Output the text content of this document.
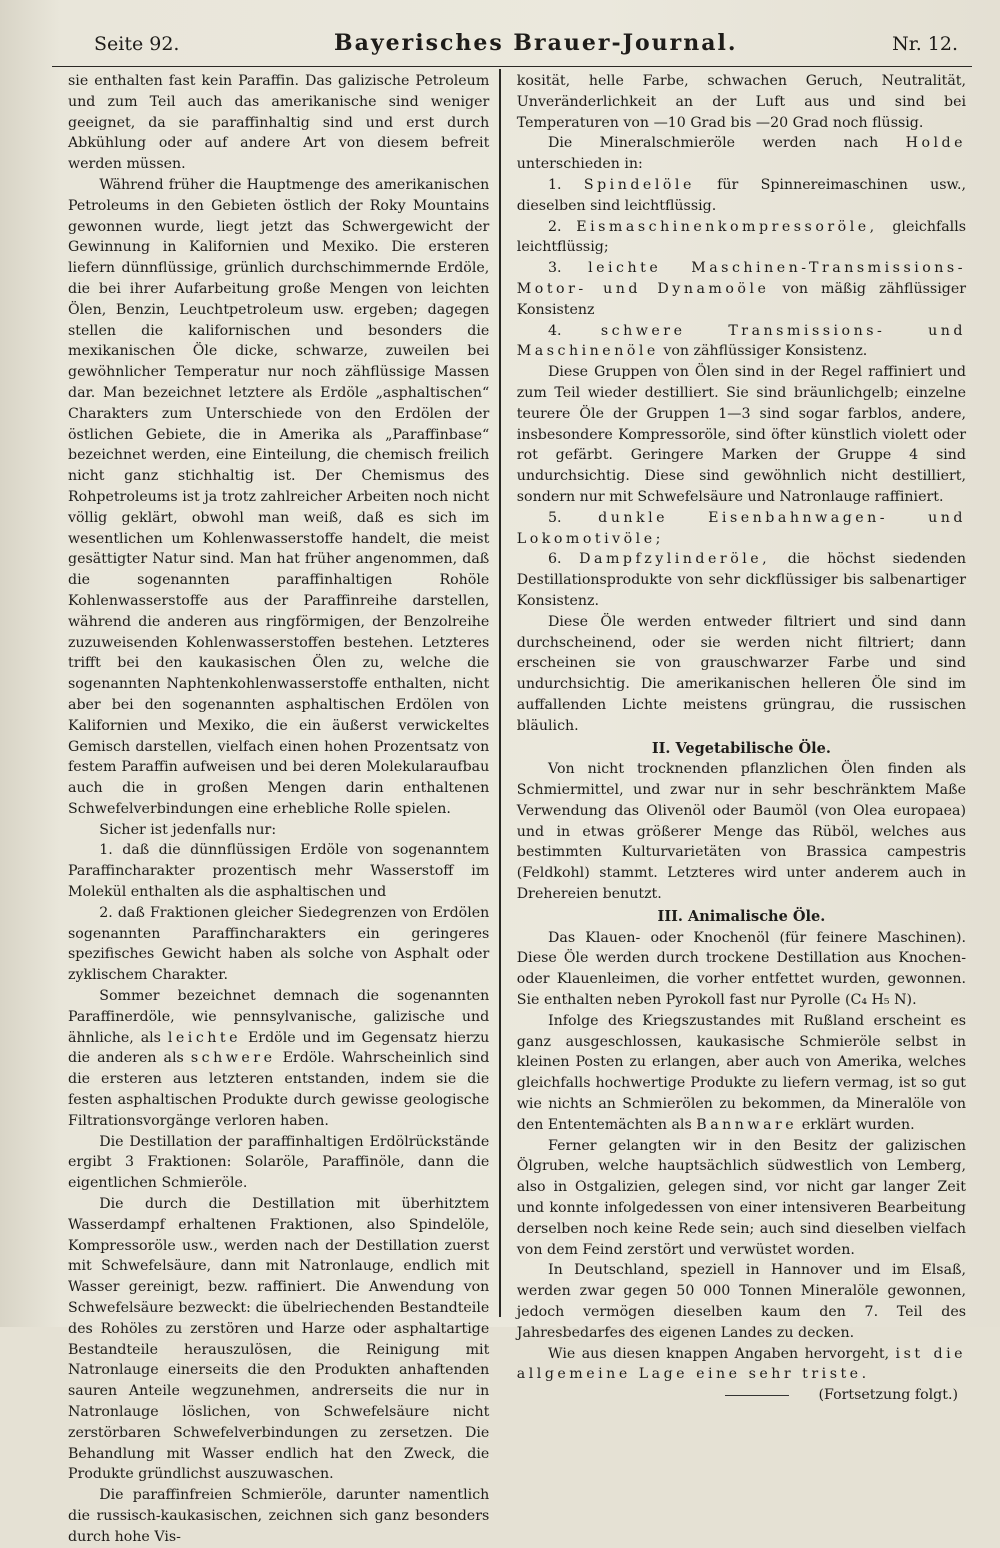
Seite 92.	Bayerisches Brauer-Journal.	Nr. 12.

sie enthalten fast kein Paraffin. Das galizische Petroleum und zum Teil auch das amerikanische sind weniger geeignet, da sie paraffinhaltig sind und erst durch Abkühlung oder auf andere Art von diesem befreit werden müssen.

Während früher die Hauptmenge des amerikanischen Petroleums in den Gebieten östlich der Roky Mountains gewonnen wurde, liegt jetzt das Schwergewicht der Gewinnung in Kalifornien und Mexiko. Die ersteren liefern dünnflüssige, grünlich durchschimmernde Erdöle, die bei ihrer Aufarbeitung große Mengen von leichten Ölen, Benzin, Leuchtpetroleum usw. ergeben; dagegen stellen die kalifornischen und besonders die mexikanischen Öle dicke, schwarze, zuweilen bei gewöhnlicher Temperatur nur noch zähflüssige Massen dar. Man bezeichnet letztere als Erdöle „asphaltischen“ Charakters zum Unterschiede von den Erdölen der östlichen Gebiete, die in Amerika als „Paraffinbase“ bezeichnet werden, eine Einteilung, die chemisch freilich nicht ganz stichhaltig ist. Der Chemismus des Rohpetroleums ist ja trotz zahlreicher Arbeiten noch nicht völlig geklärt, obwohl man weiß, daß es sich im wesentlichen um Kohlenwasserstoffe handelt, die meist gesättigter Natur sind. Man hat früher angenommen, daß die sogenannten paraffinhaltigen Rohöle Kohlenwasserstoffe aus der Paraffinreihe darstellen, während die anderen aus ringförmigen, der Benzolreihe zuzuweisenden Kohlenwasserstoffen bestehen. Letzteres trifft bei den kaukasischen Ölen zu, welche die sogenannten Naphtenkohlenwasserstoffe enthalten, nicht aber bei den sogenannten asphaltischen Erdölen von Kalifornien und Mexiko, die ein äußerst verwickeltes Gemisch darstellen, vielfach einen hohen Prozentsatz von festem Paraffin aufweisen und bei deren Molekularaufbau auch die in großen Mengen darin enthaltenen Schwefelverbindungen eine erhebliche Rolle spielen.

Sicher ist jedenfalls nur:

1. daß die dünnflüssigen Erdöle von sogenanntem Paraffincharakter prozentisch mehr Wasserstoff im Molekül enthalten als die asphaltischen und

2. daß Fraktionen gleicher Siedegrenzen von Erdölen sogenannten Paraffincharakters ein geringeres spezifisches Gewicht haben als solche von Asphalt oder zyklischem Charakter.

Sommer bezeichnet demnach die sogenannten Paraffinerdöle, wie pennsylvanische, galizische und ähnliche, als leichte Erdöle und im Gegensatz hierzu die anderen als schwere Erdöle. Wahrscheinlich sind die ersteren aus letzteren entstanden, indem sie die festen asphaltischen Produkte durch gewisse geologische Filtrationsvorgänge verloren haben.

Die Destillation der paraffinhaltigen Erdölrückstände ergibt 3 Fraktionen: Solaröle, Paraffinöle, dann die eigentlichen Schmieröle.

Die durch die Destillation mit überhitztem Wasserdampf erhaltenen Fraktionen, also Spindelöle, Kompressoröle usw., werden nach der Destillation zuerst mit Schwefelsäure, dann mit Natronlauge, endlich mit Wasser gereinigt, bezw. raffiniert. Die Anwendung von Schwefelsäure bezweckt: die übelriechenden Bestandteile des Rohöles zu zerstören und Harze oder asphaltartige Bestandteile herauszulösen, die Reinigung mit Natronlauge einerseits die den Produkten anhaftenden sauren Anteile wegzunehmen, andrerseits die nur in Natronlauge löslichen, von Schwefelsäure nicht zerstörbaren Schwefelverbindungen zu zersetzen. Die Behandlung mit Wasser endlich hat den Zweck, die Produkte gründlichst auszuwaschen.

Die paraffinfreien Schmieröle, darunter namentlich die russisch-kaukasischen, zeichnen sich ganz besonders durch hohe Vis-

kosität, helle Farbe, schwachen Geruch, Neutralität, Unveränderlichkeit an der Luft aus und sind bei Temperaturen von —10 Grad bis —20 Grad noch flüssig.

Die Mineralschmieröle werden nach Holde unterschieden in:

1. Spindelöle für Spinnereimaschinen usw., dieselben sind leichtflüssig.

2. Eismaschinenkompressoröle, gleichfalls leichtflüssig;

3. leichte Maschinen-Transmissions-Motor- und Dynamoöle von mäßig zähflüssiger Konsistenz

4.	schwere Transmissions- und Maschinenöle von zähflüssiger Konsistenz.

Diese Gruppen von Ölen sind in der Regel raffiniert und zum Teil wieder destilliert. Sie sind bräunlichgelb; einzelne teurere Öle der Gruppen 1—3 sind sogar farblos, andere, insbesondere Kompressoröle, sind öfter künstlich violett oder rot gefärbt. Geringere Marken der Gruppe 4 sind undurchsichtig. Diese sind gewöhnlich nicht destilliert, sondern nur mit Schwefelsäure und Natronlauge raffiniert.

5.	dunkle Eisenbahnwagen- und Lokomotivöle;

6. Dampfzylinderöle, die höchst siedenden Destillationsprodukte von sehr dickflüssiger bis salbenartiger Konsistenz.

Diese Öle werden entweder filtriert und sind dann durchscheinend, oder sie werden nicht filtriert; dann erscheinen sie von grauschwarzer Farbe und sind undurchsichtig. Die amerikanischen helleren Öle sind im auffallenden Lichte meistens grüngrau, die russischen bläulich.

II. Vegetabilische Öle.

Von nicht trocknenden pflanzlichen Ölen finden als Schmiermittel, und zwar nur in sehr beschränktem Maße Verwendung das Olivenöl oder Baumöl (von Olea europaea) und in etwas größerer Menge das Rüböl, welches aus bestimmten Kulturvarietäten von Brassica campestris (Feldkohl) stammt. Letzteres wird unter anderem auch in Drehereien benutzt.

III. Animalische Öle.

Das Klauen- oder Knochenöl (für feinere Maschinen). Diese Öle werden durch trockene Destillation aus Knochen- oder Klauenleimen, die vorher entfettet wurden, gewonnen. Sie enthalten neben Pyrokoll fast nur Pyrolle (C₄ H₅ N).

Infolge des Kriegszustandes mit Rußland erscheint es ganz ausgeschlossen, kaukasische Schmieröle selbst in kleinen Posten zu erlangen, aber auch von Amerika, welches gleichfalls hochwertige Produkte zu liefern vermag, ist so gut wie nichts an Schmierölen zu bekommen, da Mineralöle von den Ententemächten als Bannware erklärt wurden.

Ferner gelangten wir in den Besitz der galizischen Ölgruben, welche hauptsächlich südwestlich von Lemberg, also in Ostgalizien, gelegen sind, vor nicht gar langer Zeit und konnte infolgedessen von einer intensiveren Bearbeitung derselben noch keine Rede sein; auch sind dieselben vielfach von dem Feind zerstört und verwüstet worden.

In Deutschland, speziell in Hannover und im Elsaß, werden zwar gegen 50 000 Tonnen Mineralöle gewonnen, jedoch vermögen dieselben kaum den 7. Teil des Jahresbedarfes des eigenen Landes zu decken.

Wie aus diesen knappen Angaben hervorgeht, ist die allgemeine Lage eine sehr triste.

(Fortsetzung folgt.)
